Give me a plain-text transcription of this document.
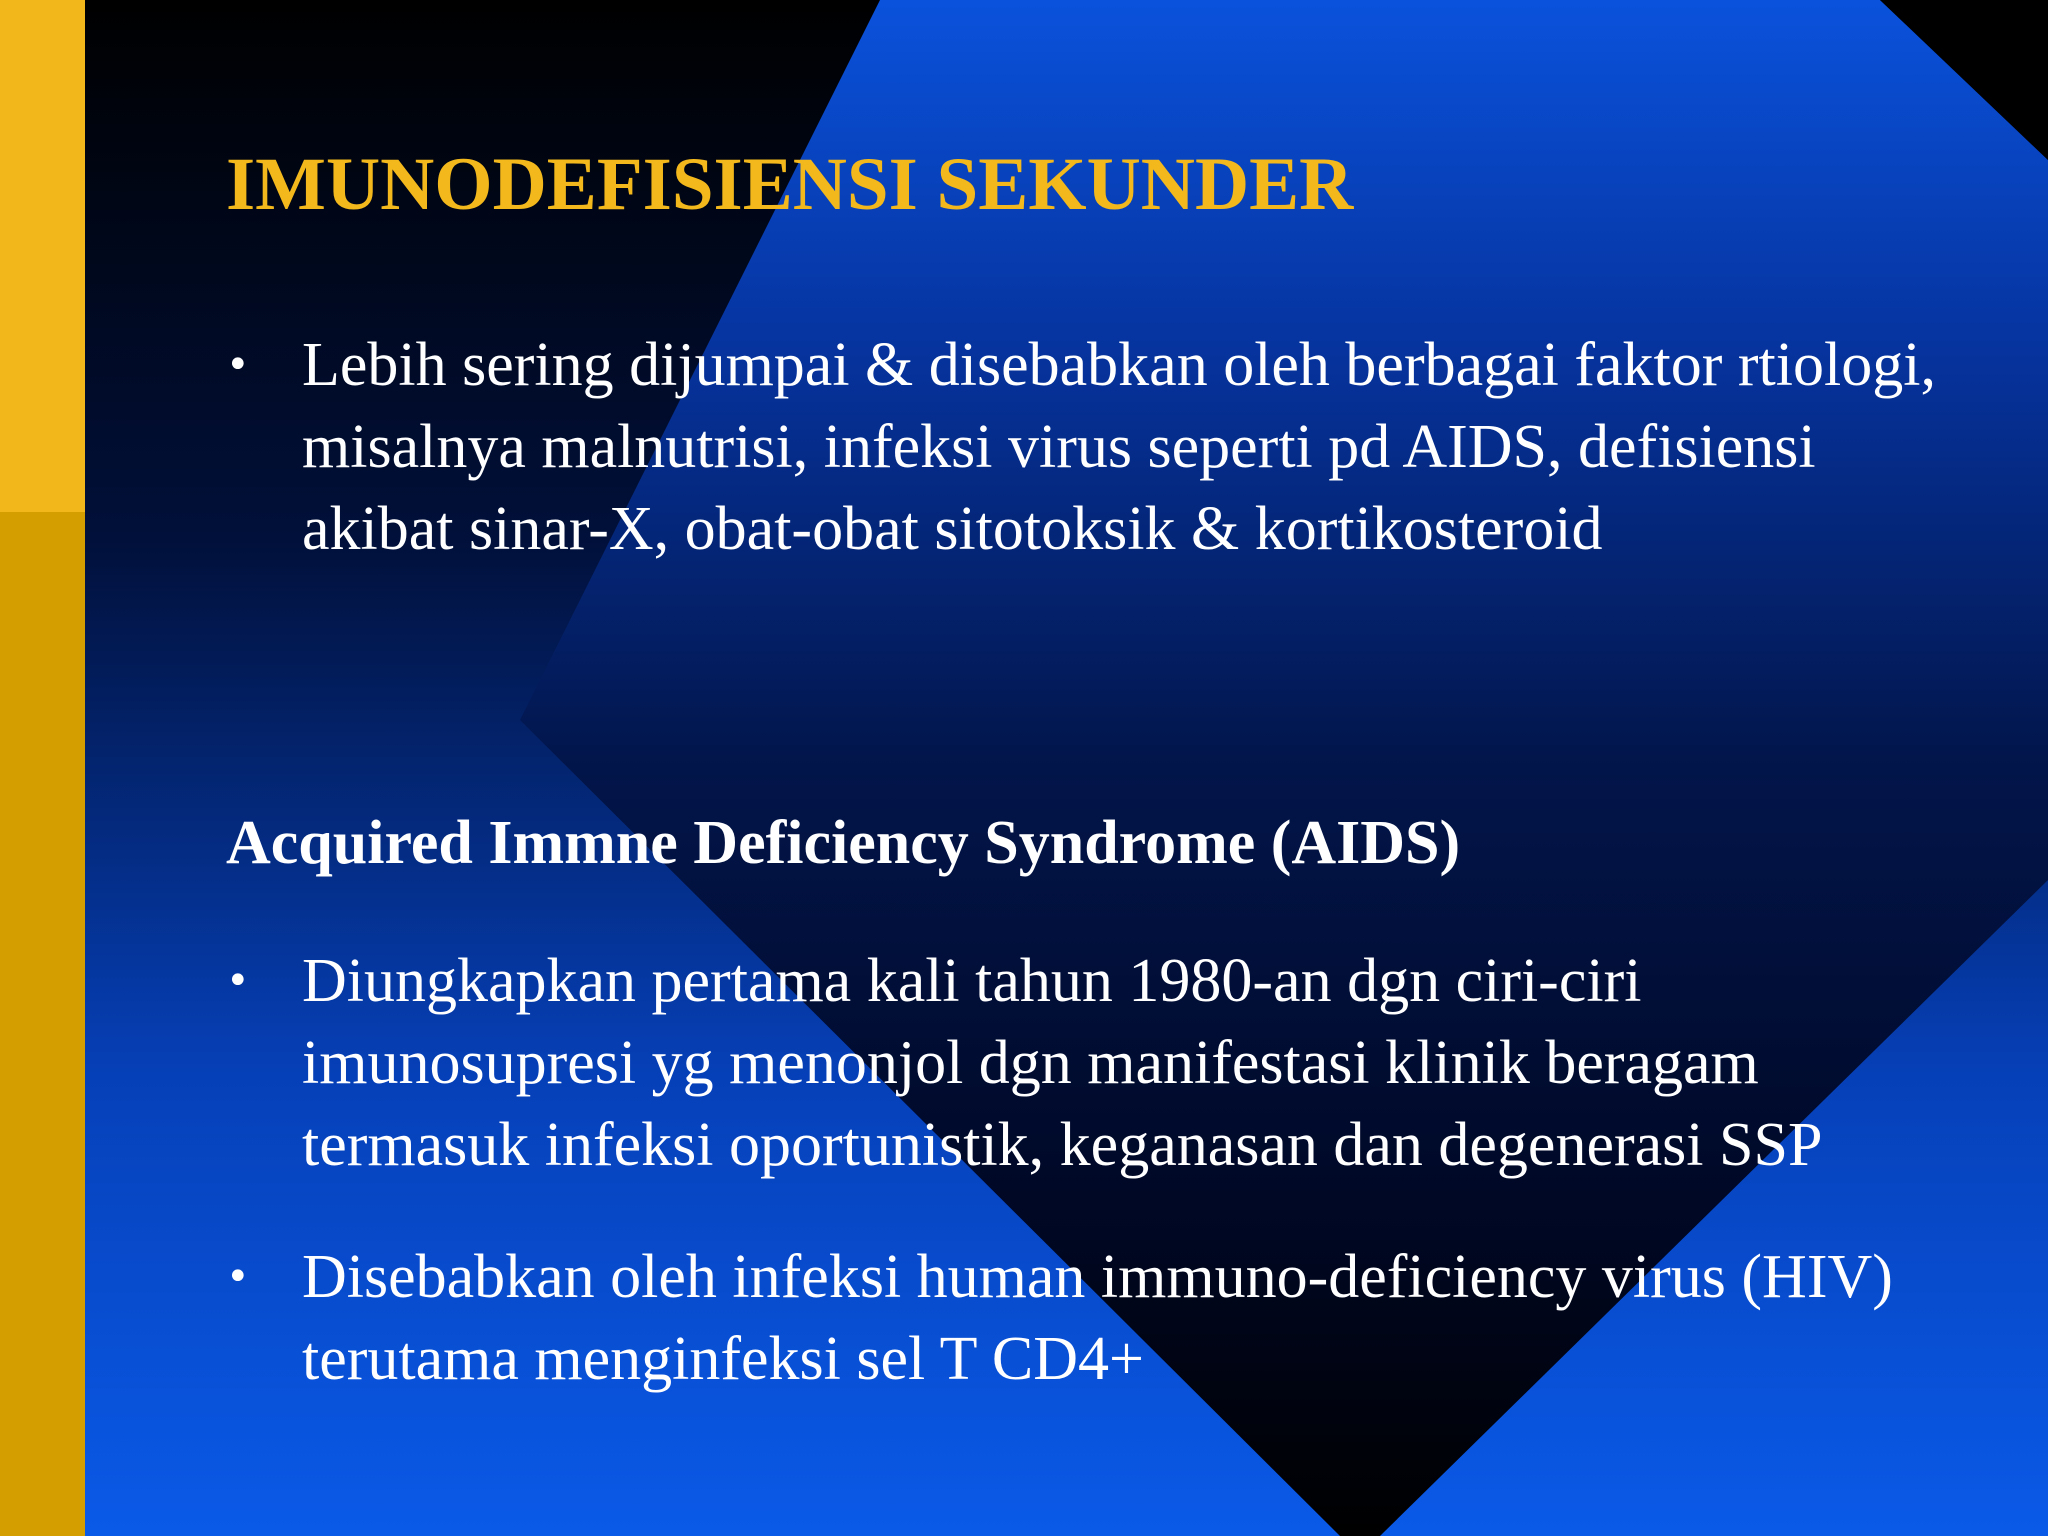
IMUNODEFISIENSI SEKUNDER
• Lebih sering dijumpai & disebabkan oleh berbagai faktor rtiologi, misalnya malnutrisi, infeksi virus seperti pd AIDS, defisiensi akibat sinar-X, obat-obat sitotoksik & kortikosteroid
Acquired Immne Deficiency Syndrome (AIDS)
• Diungkapkan pertama kali tahun 1980-an dgn ciri-ciri imunosupresi yg menonjol dgn manifestasi klinik beragam termasuk infeksi oportunistik, keganasan dan degenerasi SSP
• Disebabkan oleh infeksi human immuno-deficiency virus (HIV) terutama menginfeksi sel T CD4+
